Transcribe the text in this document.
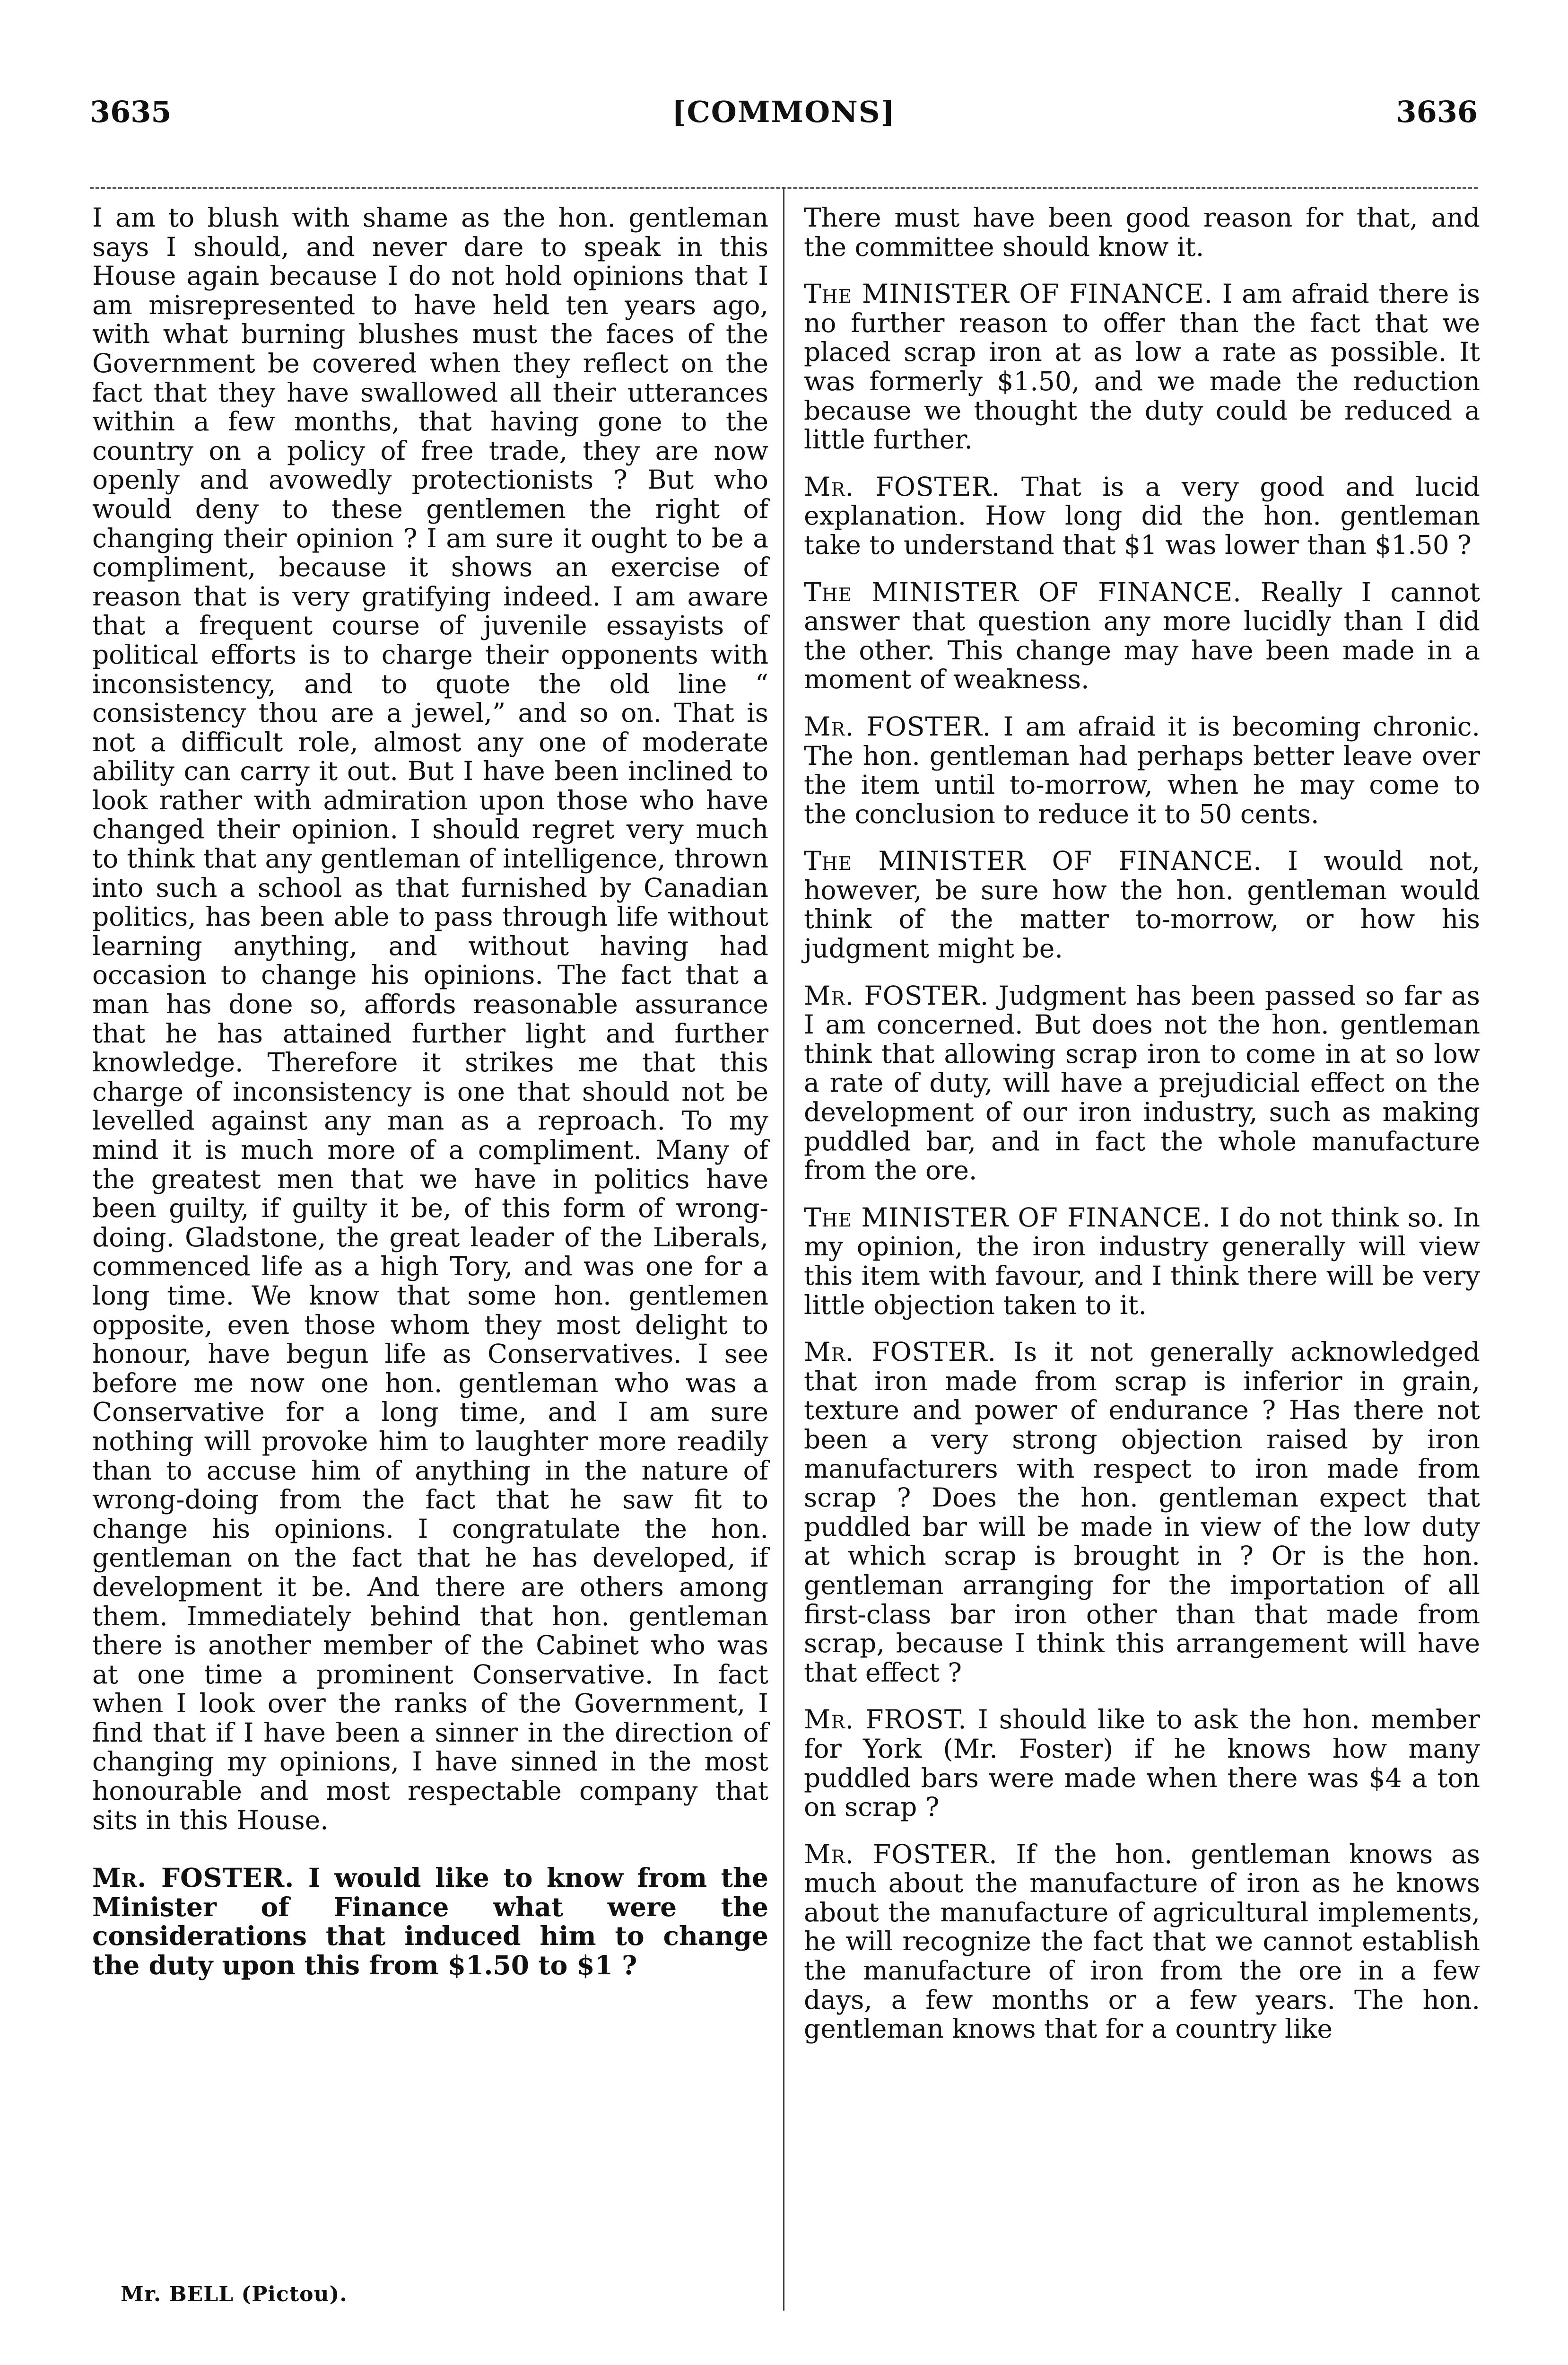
3635	[COMMONS]	3636

I am to blush with shame as the hon. gentleman says I should, and never dare to speak in this House again because I do not hold opinions that I am misrepresented to have held ten years ago, with what burning blushes must the faces of the Government be covered when they reflect on the fact that they have swallowed all their utterances within a few months, that having gone to the country on a policy of free trade, they are now openly and avowedly protectionists ? But who would deny to these gentlemen the right of changing their opinion ? I am sure it ought to be a compliment, because it shows an exercise of reason that is very gratifying indeed. I am aware that a frequent course of juvenile essayists of political efforts is to charge their opponents with inconsistency, and to quote the old line “ consistency thou are a jewel,” and so on. That is not a difficult role, almost any one of moderate ability can carry it out. But I have been inclined to look rather with admiration upon those who have changed their opinion. I should regret very much to think that any gentleman of intelligence, thrown into such a school as that furnished by Canadian politics, has been able to pass through life without learning anything, and without having had occasion to change his opinions. The fact that a man has done so, affords reasonable assurance that he has attained further light and further knowledge. Therefore it strikes me that this charge of inconsistency is one that should not be levelled against any man as a reproach. To my mind it is much more of a compliment. Many of the greatest men that we have in politics have been guilty, if guilty it be, of this form of wrong-doing. Gladstone, the great leader of the Liberals, commenced life as a high Tory, and was one for a long time. We know that some hon. gentlemen opposite, even those whom they most delight to honour, have begun life as Conservatives. I see before me now one hon. gentleman who was a Conservative for a long time, and I am sure nothing will provoke him to laughter more readily than to accuse him of anything in the nature of wrong-doing from the fact that he saw fit to change his opinions. I congratulate the hon. gentleman on the fact that he has developed, if development it be. And there are others among them. Immediately behind that hon. gentleman there is another member of the Cabinet who was at one time a prominent Conservative. In fact when I look over the ranks of the Government, I find that if I have been a sinner in the direction of changing my opinions, I have sinned in the most honourable and most respectable company that sits in this House.

Mr. FOSTER. I would like to know from the Minister of Finance what were the considerations that induced him to change the duty upon this from $1.50 to $1 ?

Mr. BELL (Pictou).

There must have been good reason for that, and the committee should know it.

The MINISTER OF FINANCE. I am afraid there is no further reason to offer than the fact that we placed scrap iron at as low a rate as possible. It was formerly $1.50, and we made the reduction because we thought the duty could be reduced a little further.

Mr. FOSTER. That is a very good and lucid explanation. How long did the hon. gentleman take to understand that $1 was lower than $1.50 ?

The MINISTER OF FINANCE. Really I cannot answer that question any more lucidly than I did the other. This change may have been made in a moment of weakness.

Mr. FOSTER. I am afraid it is becoming chronic. The hon. gentleman had perhaps better leave over the item until to-morrow, when he may come to the conclusion to reduce it to 50 cents.

The MINISTER OF FINANCE. I would not, however, be sure how the hon. gentleman would think of the matter to-morrow, or how his judgment might be.

Mr. FOSTER. Judgment has been passed so far as I am concerned. But does not the hon. gentleman think that allowing scrap iron to come in at so low a rate of duty, will have a prejudicial effect on the development of our iron industry, such as making puddled bar, and in fact the whole manufacture from the ore.

The MINISTER OF FINANCE. I do not think so. In my opinion, the iron industry generally will view this item with favour, and I think there will be very little objection taken to it.

Mr. FOSTER. Is it not generally acknowledged that iron made from scrap is inferior in grain, texture and power of endurance ? Has there not been a very strong objection raised by iron manufacturers with respect to iron made from scrap ? Does the hon. gentleman expect that puddled bar will be made in view of the low duty at which scrap is brought in ? Or is the hon. gentleman arranging for the importation of all first-class bar iron other than that made from scrap, because I think this arrangement will have that effect ?

Mr. FROST. I should like to ask the hon. member for York (Mr. Foster) if he knows how many puddled bars were made when there was $4 a ton on scrap ?

Mr. FOSTER. If the hon. gentleman knows as much about the manufacture of iron as he knows about the manufacture of agricultural implements, he will recognize the fact that we cannot establish the manufacture of iron from the ore in a few days, a few months or a few years. The hon. gentleman knows that for a country like
